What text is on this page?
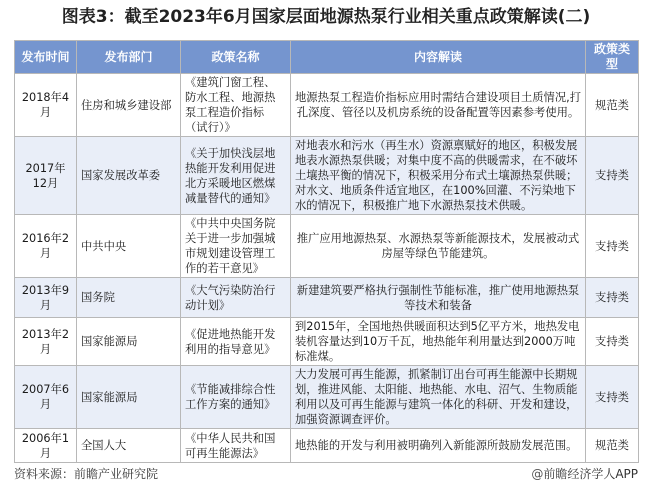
图表3：截至2023年6月国家层面地源热泵行业相关重点政策解读(二)
发布时间	发布部门	政策名称	内容解读	政策类型
2018年4月	住房和城乡建设部	《建筑门窗工程、防水工程、地源热泵工程造价指标（试行）》	地源热泵工程造价指标应用时需结合建设项目土质情况,打孔深度、管径以及机房系统的设备配置等因素参考使用。	规范类
2017年12月	国家发展改革委	《关于加快浅层地热能开发利用促进北方采暖地区燃煤减量替代的通知》	对地表水和污水（再生水）资源禀赋好的地区，积极发展地表水源热泵供暖；对集中度不高的供暖需求，在不破坏土壤热平衡的情况下，积极采用分布式土壤源热泵供暖；对水文、地质条件适宜地区，在100%回灌、不污染地下水的情况下，积极推广地下水源热泵技术供暖。	支持类
2016年2月	中共中央	《中共中央国务院关于进一步加强城市规划建设管理工作的若干意见》	推广应用地源热泵、水源热泵等新能源技术，发展被动式房屋等绿色节能建筑。	支持类
2013年9月	国务院	《大气污染防治行动计划》	新建建筑要严格执行强制性节能标准，推广使用地源热泵等技术和装备	支持类
2013年2月	国家能源局	《促进地热能开发利用的指导意见》	到2015年，全国地热供暖面积达到5亿平方米，地热发电装机容量达到10万千瓦，地热能年利用量达到2000万吨标准煤。	支持类
2007年6月	国家能源局	《节能减排综合性工作方案的通知》	大力发展可再生能源，抓紧制订出台可再生能源中长期规划，推进风能、太阳能、地热能、水电、沼气、生物质能利用以及可再生能源与建筑一体化的科研、开发和建设，加强资源调查评价。	支持类
2006年1月	全国人大	《中华人民共和国可再生能源法》	地热能的开发与利用被明确列入新能源所鼓励发展范围。	规范类
资料来源：前瞻产业研究院	@前瞻经济学人APP
